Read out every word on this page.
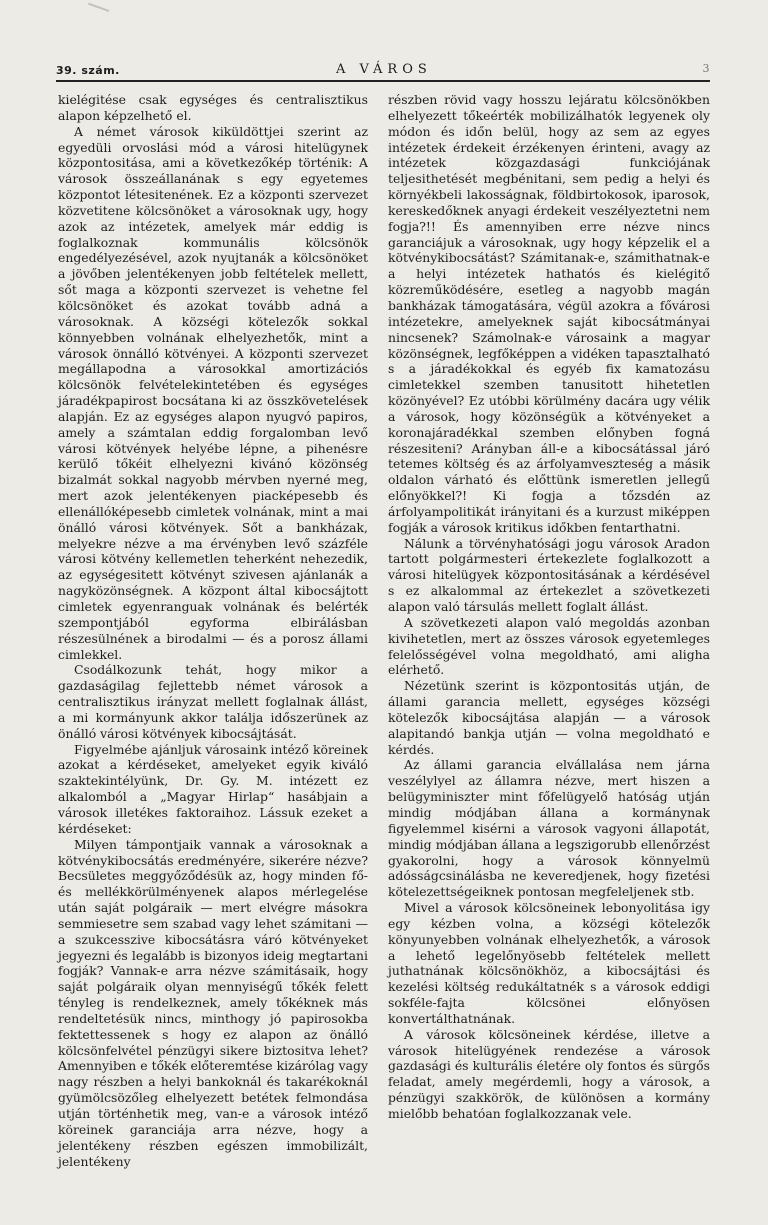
39. szám.	A VÁROS	3

kielégitése csak egységes és centralisztikus alapon képzelhető el.

A német városok kiküldöttjei szerint az egyedüli orvoslási mód a városi hitelügynek központositása, ami a következőkép történik: A városok összeállanának s egy egyetemes központot létesitenének. Ez a központi szervezet közvetitene kölcsönöket a városoknak ugy, hogy azok az intézetek, amelyek már eddig is foglalkoznak kommunális kölcsönök engedélyezésével, azok nyujtanák a kölcsönöket a jövőben jelentékenyen jobb feltételek mellett, sőt maga a központi szervezet is vehetne fel kölcsönöket és azokat tovább adná a városoknak. A községi kötelezők sokkal könnyebben volnának elhelyezhetők, mint a városok önnálló kötvényei. A központi szervezet megállapodna a városokkal amortizációs kölcsönök felvételekintetében és egységes járadékpapirost bocsátana ki az összkövetelések alapján. Ez az egységes alapon nyugvó papiros, amely a számtalan eddig forgalomban levő városi kötvények helyébe lépne, a pihenésre kerülő tőkéit elhelyezni kivánó közönség bizalmát sokkal nagyobb mérvben nyerné meg, mert azok jelentékenyen piacképesebb és ellenállóképesebb cimletek volnának, mint a mai önálló városi kötvények. Sőt a bankházak, melyekre nézve a ma érvényben levő százféle városi kötvény kellemetlen teherként nehezedik, az egységesitett kötvényt szivesen ajánlanák a nagyközönségnek. A központ által kibocsájtott cimletek egyenranguak volnának és belérték szempontjából egyforma elbirálásban részesülnének a birodalmi — és a porosz állami cimlekkel.

Csodálkozunk tehát, hogy mikor a gazdaságilag fejlettebb német városok a centralisztikus irányzat mellett foglalnak állást, a mi kormányunk akkor találja időszerünek az önálló városi kötvények kibocsájtását.

Figyelmébe ajánljuk városaink intéző köreinek azokat a kérdéseket, amelyeket egyik kiváló szaktekintélyünk, Dr. Gy. M. intézett ez alkalomból a „Magyar Hirlap“ hasábjain a városok illetékes faktoraihoz. Lássuk ezeket a kérdéseket:

Milyen támpontjaik vannak a városoknak a kötvénykibocsátás eredményére, sikerére nézve? Becsületes meggyőződésük az, hogy minden fő- és mellékkörülményenek alapos mérlegelése után saját polgáraik — mert elvégre másokra semmiesetre sem szabad vagy lehet számitani — a szukcesszive kibocsátásra váró kötvényeket jegyezni és legalább is bizonyos ideig megtartani fogják? Vannak-e arra nézve számitásaik, hogy saját polgáraik olyan mennyiségű tőkék felett tényleg is rendelkeznek, amely tőkéknek más rendeltetésük nincs, minthogy jó papirosokba fektettessenek s hogy ez alapon az önálló kölcsönfelvétel pénzügyi sikere biztositva lehet? Amennyiben e tőkék előteremtése kizárólag vagy nagy részben a helyi bankoknál és takarékoknál gyümölcsözőleg elhelyezett betétek felmondása utján történhetik meg, van-e a városok intéző köreinek garanciája arra nézve, hogy a jelentékeny részben egészen immobilizált, jelentékeny

részben rövid vagy hosszu lejáratu kölcsönökben elhelyezett tőkeérték mobilizálhatók legyenek oly módon és időn belül, hogy az sem az egyes intézetek érdekeit érzékenyen érinteni, avagy az intézetek közgazdasági funkciójának teljesithetését megbénitani, sem pedig a helyi és környékbeli lakosságnak, földbirtokosok, iparosok, kereskedőknek anyagi érdekeit veszélyeztetni nem fogja?!! És amennyiben erre nézve nincs garanciájuk a városoknak, ugy hogy képzelik el a kötvénykibocsátást? Számitanak-e, számithatnak-e a helyi intézetek hathatós és kielégitő közreműködésére, esetleg a nagyobb magán bankházak támogatására, végül azokra a fővárosi intézetekre, amelyeknek saját kibocsátmányai nincsenek? Számolnak-e városaink a magyar közönségnek, legfőképpen a vidéken tapasztalható s a járadékokkal és egyéb fix kamatozásu cimletekkel szemben tanusitott hihetetlen közönyével? Ez utóbbi körülmény dacára ugy vélik a városok, hogy közönségük a kötvényeket a koronajáradékkal szemben előnyben fogná részesiteni? Arányban áll-e a kibocsátással járó tetemes költség és az árfolyamveszteség a másik oldalon várható és előttünk ismeretlen jellegű előnyökkel?! Ki fogja a tőzsdén az árfolyampolitikát irányitani és a kurzust miképpen fogják a városok kritikus időkben fentarthatni.

Nálunk a törvényhatósági jogu városok Aradon tartott polgármesteri értekezlete foglalkozott a városi hitelügyek központositásának a kérdésével s ez alkalommal az értekezlet a szövetkezeti alapon való társulás mellett foglalt állást.

A szövetkezeti alapon való megoldás azonban kivihetetlen, mert az összes városok egyetemleges felelősségével volna megoldható, ami aligha elérhető.

Nézetünk szerint is központositás utján, de állami garancia mellett, egységes községi kötelezők kibocsájtása alapján — a városok alapitandó bankja utján — volna megoldható e kérdés.

Az állami garancia elvállalása nem járna veszélylyel az államra nézve, mert hiszen a belügyminiszter mint főfelügyelő hatóság utján mindig módjában állana a kormánynak figyelemmel kisérni a városok vagyoni állapotát, mindig módjában állana a legszigorubb ellenőrzést gyakorolni, hogy a városok könnyelmü adósságcsinálásba ne keveredjenek, hogy fizetési kötelezettségeiknek pontosan megfeleljenek stb.

Mivel a városok kölcsöneinek lebonyolitása igy egy kézben volna, a községi kötelezők könyunyebben volnának elhelyezhetők, a városok a lehető legelőnyösebb feltételek mellett juthatnának kölcsönökhöz, a kibocsájtási és kezelési költség redukáltatnék s a városok eddigi sokféle-fajta kölcsönei előnyösen konvertálthatnának.

A városok kölcsöneinek kérdése, illetve a városok hitelügyének rendezése a városok gazdasági és kulturális életére oly fontos és sürgős feladat, amely megérdemli, hogy a városok, a pénzügyi szakkörök, de különösen a kormány mielőbb behatóan foglalkozzanak vele.
